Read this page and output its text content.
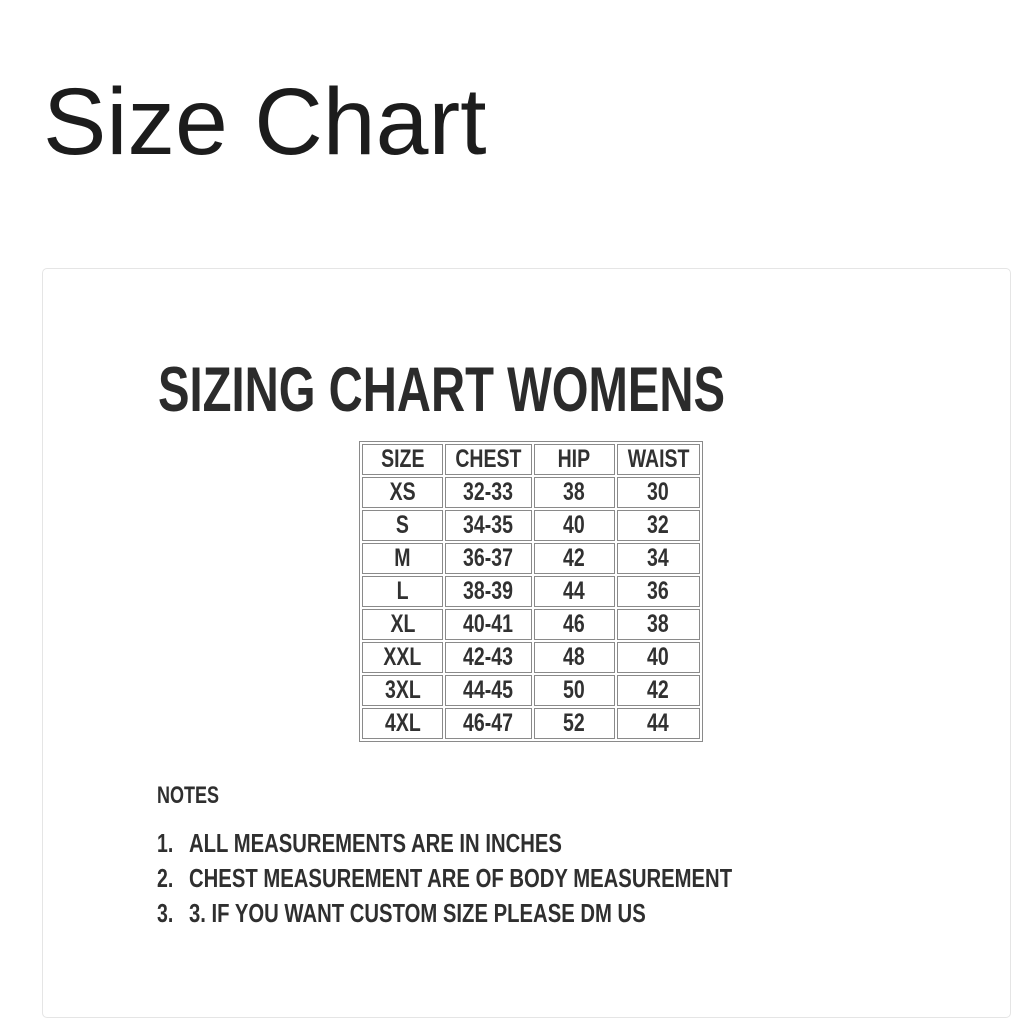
Size Chart
SIZING CHART WOMENS
SIZE	CHEST	HIP	WAIST
XS	32-33	38	30
S	34-35	40	32
M	36-37	42	34
L	38-39	44	36
XL	40-41	46	38
XXL	42-43	48	40
3XL	44-45	50	42
4XL	46-47	52	44
NOTES
1. ALL MEASUREMENTS ARE IN INCHES
2. CHEST MEASUREMENT ARE OF BODY MEASUREMENT
3. 3. IF YOU WANT CUSTOM SIZE PLEASE DM US
